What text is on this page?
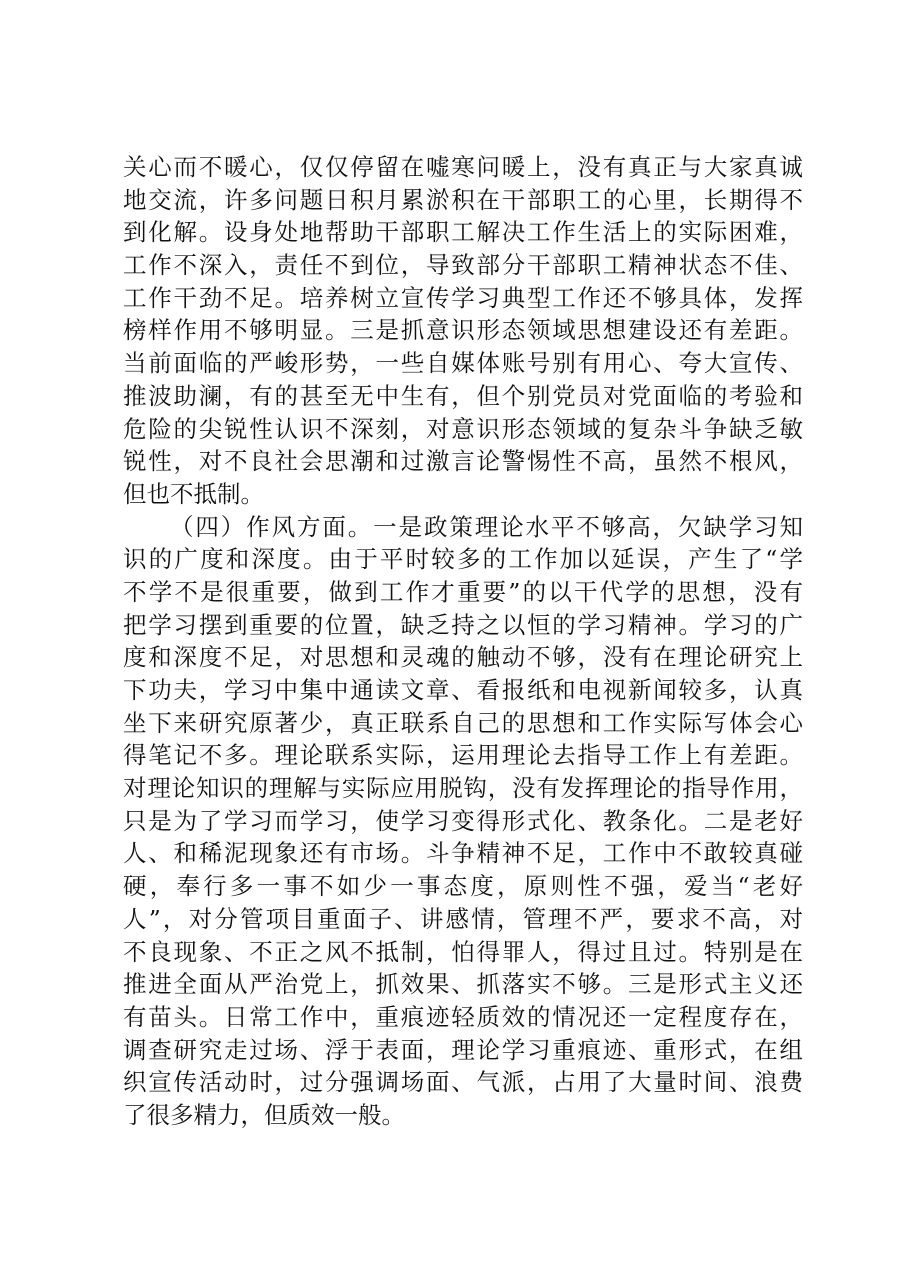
关心而不暖心，仅仅停留在嘘寒问暖上，没有真正与大家真诚
地交流，许多问题日积月累淤积在干部职工的心里，长期得不
到化解。设身处地帮助干部职工解决工作生活上的实际困难，
工作不深入，责任不到位，导致部分干部职工精神状态不佳、
工作干劲不足。培养树立宣传学习典型工作还不够具体，发挥
榜样作用不够明显。三是抓意识形态领域思想建设还有差距。
当前面临的严峻形势，一些自媒体账号别有用心、夸大宣传、
推波助澜，有的甚至无中生有，但个别党员对党面临的考验和
危险的尖锐性认识不深刻，对意识形态领域的复杂斗争缺乏敏
锐性，对不良社会思潮和过激言论警惕性不高，虽然不根风，
但也不抵制。
（四）作风方面。一是政策理论水平不够高，欠缺学习知
识的广度和深度。由于平时较多的工作加以延误，产生了“学
不学不是很重要，做到工作才重要”的以干代学的思想，没有
把学习摆到重要的位置，缺乏持之以恒的学习精神。学习的广
度和深度不足，对思想和灵魂的触动不够，没有在理论研究上
下功夫，学习中集中通读文章、看报纸和电视新闻较多，认真
坐下来研究原著少，真正联系自己的思想和工作实际写体会心
得笔记不多。理论联系实际，运用理论去指导工作上有差距。
对理论知识的理解与实际应用脱钩，没有发挥理论的指导作用，
只是为了学习而学习，使学习变得形式化、教条化。二是老好
人、和稀泥现象还有市场。斗争精神不足，工作中不敢较真碰
硬，奉行多一事不如少一事态度，原则性不强，爱当“老好
人”，对分管项目重面子、讲感情，管理不严，要求不高，对
不良现象、不正之风不抵制，怕得罪人，得过且过。特别是在
推进全面从严治党上，抓效果、抓落实不够。三是形式主义还
有苗头。日常工作中，重痕迹轻质效的情况还一定程度存在，
调查研究走过场、浮于表面，理论学习重痕迹、重形式，在组
织宣传活动时，过分强调场面、气派，占用了大量时间、浪费
了很多精力，但质效一般。
